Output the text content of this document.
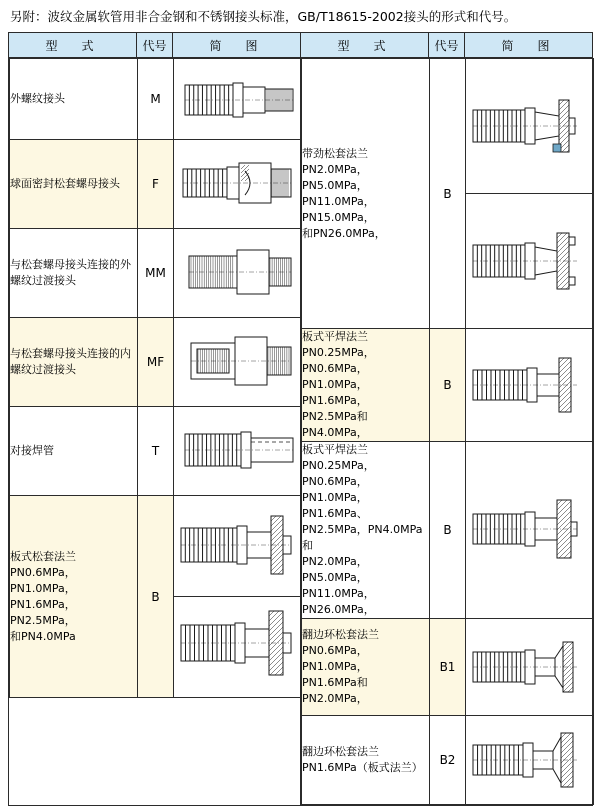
另附：波纹金属软管用非合金钢和不锈钢接头标准，GB/T18615-2002接头的形式和代号。
型　式	代号	简　图	型　式	代号	简　图

外螺纹接头	M	

球面密封松套螺母接头	F	

与松套螺母接头连接的外螺纹过渡接头
	MM	

与松套螺母接头连接的内螺纹过渡接头
	MF	

对接焊管	T	

板式松套法兰
PN0.6MPa，PN1.0MPa，
PN1.6MPa，PN2.5MPa，
和PN4.0MPa
	B	

带劲松套法兰
PN2.0MPa，PN5.0MPa，
PN11.0MPa，PN15.0MPa，
和PN26.0MPa，
	B	

板式平焊法兰
PN0.25MPa，PN0.6MPa，
PN1.0MPa，PN1.6MPa，
PN2.5MPa和PN4.0MPa，
	B	

板式平焊法兰
PN0.25MPa，PN0.6MPa，
PN1.0MPa，PN1.6MPa、
PN2.5MPa，PN4.0MPa和
PN2.0MPa，PN5.0MPa，
PN11.0MPa，PN26.0MPa，
	B	

翻边环松套法兰
PN0.6MPa，PN1.0MPa，
PN1.6MPa和PN2.0MPa，
	B1	

翻边环松套法兰
PN1.6MPa（板式法兰）
	B2	
